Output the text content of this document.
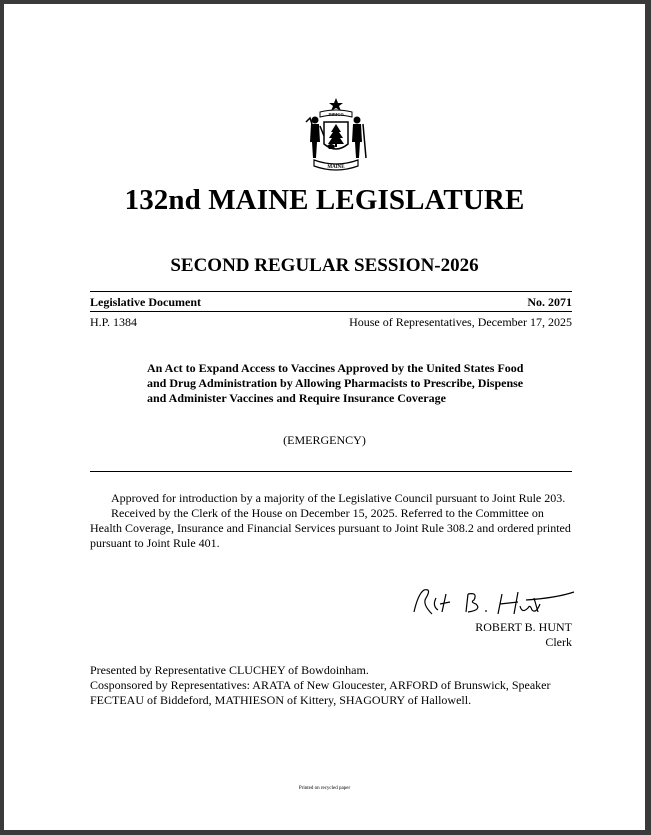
DIRIGO
MAINE
132nd MAINE LEGISLATURE
SECOND REGULAR SESSION-2026
Legislative Document	No. 2071
H.P. 1384	House of Representatives, December 17, 2025
An Act to Expand Access to Vaccines Approved by the United States Food and Drug Administration by Allowing Pharmacists to Prescribe, Dispense and Administer Vaccines and Require Insurance Coverage
(EMERGENCY)

Approved for introduction by a majority of the Legislative Council pursuant to Joint Rule 203.

Received by the Clerk of the House on December 15, 2025. Referred to the Committee on Health Coverage, Insurance and Financial Services pursuant to Joint Rule 308.2 and ordered printed pursuant to Joint Rule 401.

Rlt B. Hunt
ROBERT B. HUNT
Clerk
Presented by Representative CLUCHEY of Bowdoinham.
Cosponsored by Representatives: ARATA of New Gloucester, ARFORD of Brunswick, Speaker FECTEAU of Biddeford, MATHIESON of Kittery, SHAGOURY of Hallowell.
Printed on recycled paper
